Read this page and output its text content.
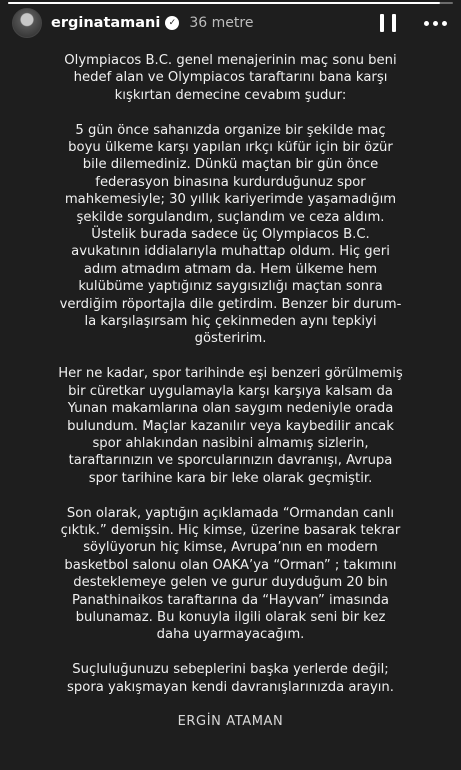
erginatamani ✓ 36 metre

Olympiacos B.C. genel menajerinin maç sonu beni
hedef alan ve Olympiacos taraftarını bana karşı
kışkırtan demecine cevabım şudur:

5 gün önce sahanızda organize bir şekilde maç
boyu ülkeme karşı yapılan ırkçı küfür için bir özür
bile dilemediniz. Dünkü maçtan bir gün önce
federasyon binasına kurdurduğunuz spor
mahkemesiyle; 30 yıllık kariyerimde yaşamadığım
şekilde sorgulandım, suçlandım ve ceza aldım.
Üstelik burada sadece üç Olympiacos B.C.
avukatının iddialarıyla muhattap oldum. Hiç geri
adım atmadım atmam da. Hem ülkeme hem
kulübüme yaptığınız saygısızlığı maçtan sonra
verdiğim röportajla dile getirdim. Benzer bir durum-
la karşılaşırsam hiç çekinmeden aynı tepkiyi
gösteririm.

Her ne kadar, spor tarihinde eşi benzeri görülmemiş
bir cüretkar uygulamayla karşı karşıya kalsam da
Yunan makamlarına olan saygım nedeniyle orada
bulundum. Maçlar kazanılır veya kaybedilir ancak
spor ahlakından nasibini almamış sizlerin,
taraftarınızın ve sporcularınızın davranışı, Avrupa
spor tarihine kara bir leke olarak geçmiştir.

Son olarak, yaptığın açıklamada “Ormandan canlı
çıktık.” demişsin. Hiç kimse, üzerine basarak tekrar
söylüyorun hiç kimse, Avrupa’nın en modern
basketbol salonu olan OAKA’ya “Orman” ; takımını
desteklemeye gelen ve gurur duyduğum 20 bin
Panathinaikos taraftarına da “Hayvan” imasında
bulunamaz. Bu konuyla ilgili olarak seni bir kez
daha uyarmayacağım.

Suçluluğunuzu sebeplerini başka yerlerde değil;
spora yakışmayan kendi davranışlarınızda arayın.

ERGİN ATAMAN
